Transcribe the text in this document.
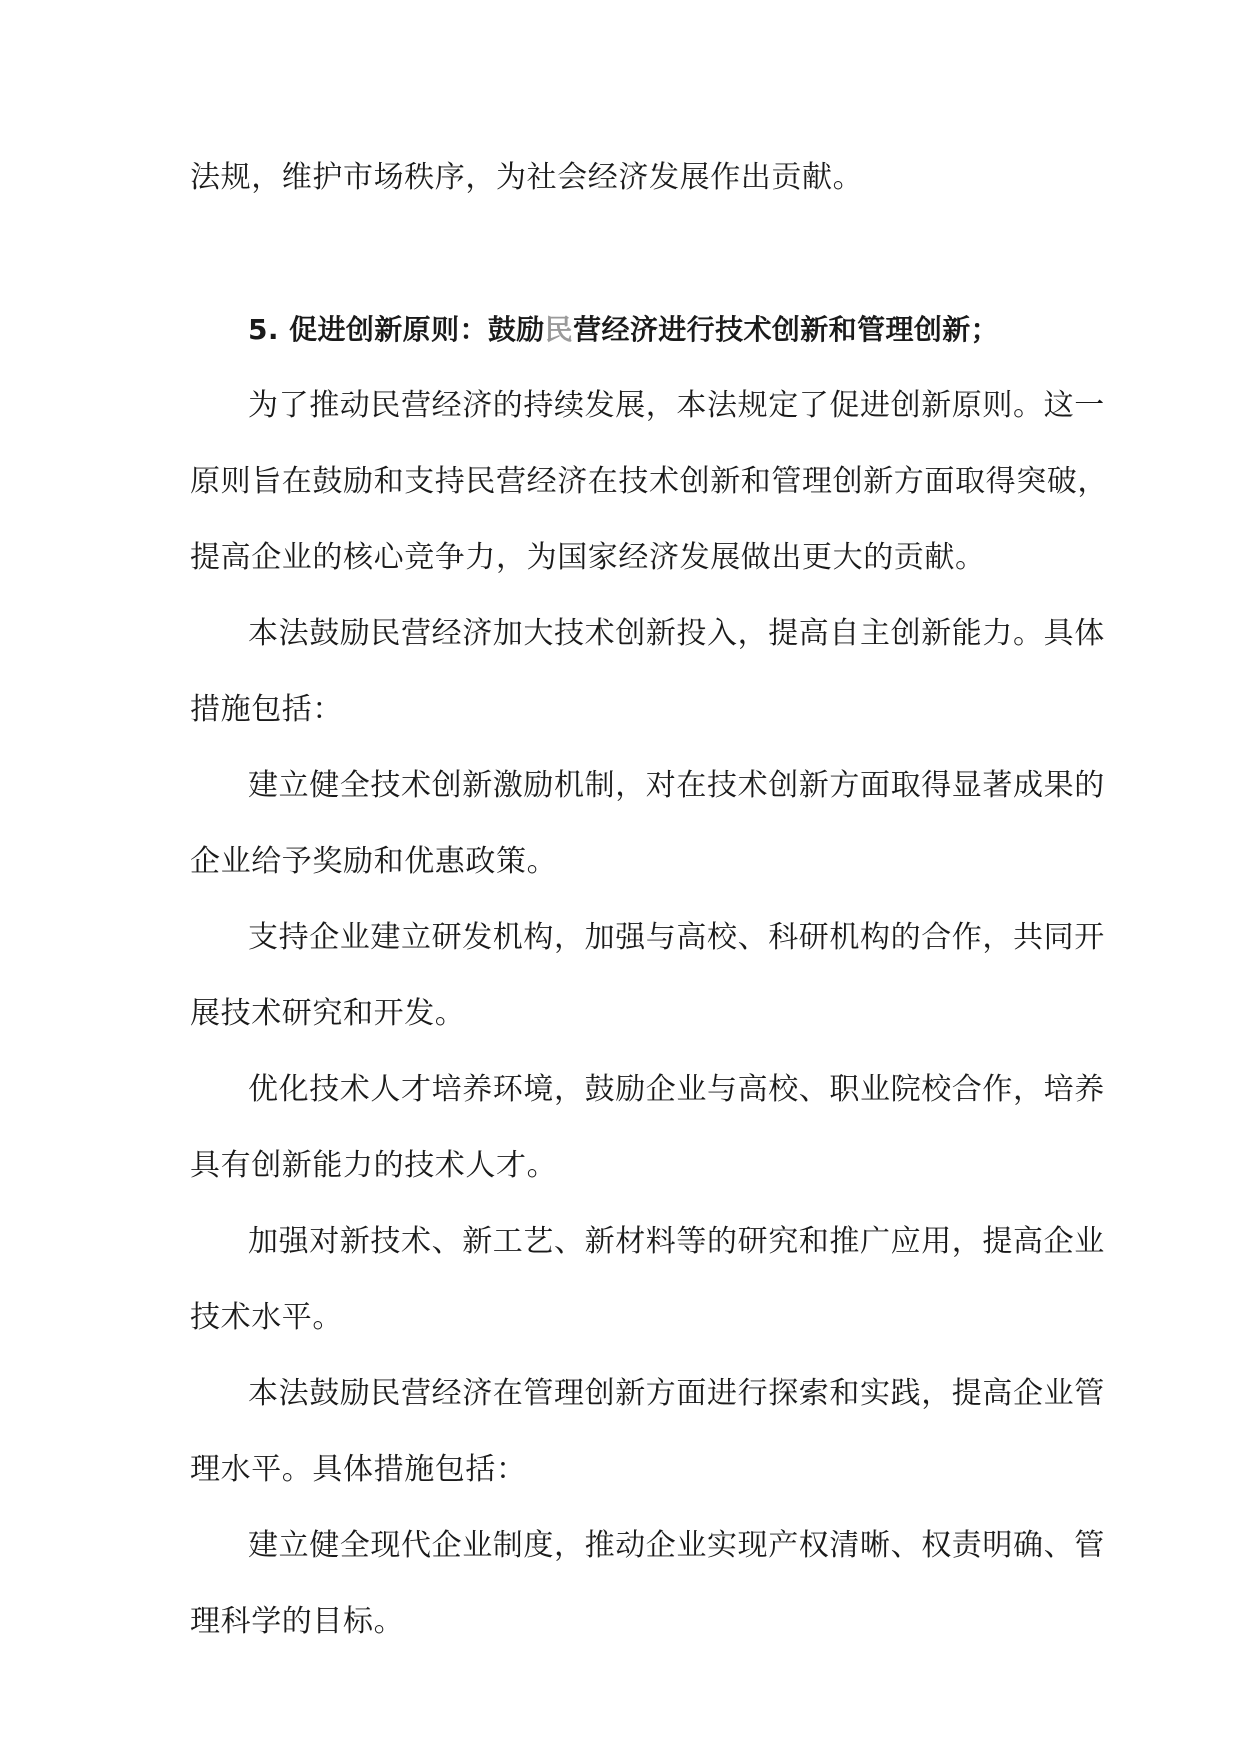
法规，维护市场秩序，为社会经济发展作出贡献。
5. 促进创新原则：鼓励民营经济进行技术创新和管理创新；
为了推动民营经济的持续发展，本法规定了促进创新原则。这一
原则旨在鼓励和支持民营经济在技术创新和管理创新方面取得突破，
提高企业的核心竞争力，为国家经济发展做出更大的贡献。
本法鼓励民营经济加大技术创新投入，提高自主创新能力。具体
措施包括：
建立健全技术创新激励机制，对在技术创新方面取得显著成果的
企业给予奖励和优惠政策。
支持企业建立研发机构，加强与高校、科研机构的合作，共同开
展技术研究和开发。
优化技术人才培养环境，鼓励企业与高校、职业院校合作，培养
具有创新能力的技术人才。
加强对新技术、新工艺、新材料等的研究和推广应用，提高企业
技术水平。
本法鼓励民营经济在管理创新方面进行探索和实践，提高企业管
理水平。具体措施包括：
建立健全现代企业制度，推动企业实现产权清晰、权责明确、管
理科学的目标。
